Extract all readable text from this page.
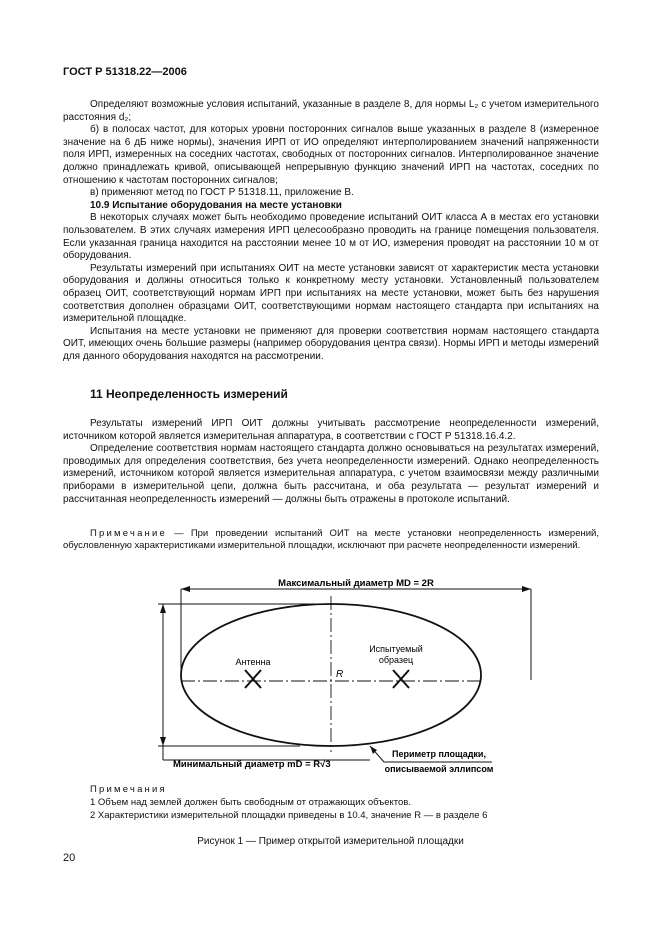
ГОСТ Р 51318.22—2006

Определяют возможные условия испытаний, указанные в разделе 8, для нормы L₂ с учетом измерительного расстояния d₂;

б) в полосах частот, для которых уровни посторонних сигналов выше указанных в разделе 8 (измеренное значение на 6 дБ ниже нормы), значения ИРП от ИО определяют интерполированием значений напряженности поля ИРП, измеренных на соседних частотах, свободных от посторонних сигналов. Интерполированное значение должно принадлежать кривой, описывающей непрерывную функцию значений ИРП на частотах, соседних по отношению к частотам посторонних сигналов;

в) применяют метод по ГОСТ Р 51318.11, приложение В.

10.9 Испытание оборудования на месте установки

В некоторых случаях может быть необходимо проведение испытаний ОИТ класса А в местах его установки пользователем. В этих случаях измерения ИРП целесообразно проводить на границе помещения пользователя. Если указанная граница находится на расстоянии менее 10 м от ИО, измерения проводят на расстоянии 10 м от оборудования.

Результаты измерений при испытаниях ОИТ на месте установки зависят от характеристик места установки оборудования и должны относиться только к конкретному месту установки. Установленный пользователем образец ОИТ, соответствующий нормам ИРП при испытаниях на месте установки, может быть без нарушения соответствия дополнен образцами ОИТ, соответствующими нормам настоящего стандарта при испытаниях на измерительной площадке.

Испытания на месте установки не применяют для проверки соответствия нормам настоящего стандарта ОИТ, имеющих очень большие размеры (например оборудования центра связи). Нормы ИРП и методы измерений для данного оборудования находятся на рассмотрении.

11 Неопределенность измерений

Результаты измерений ИРП ОИТ должны учитывать рассмотрение неопределенности измерений, источником которой является измерительная аппаратура, в соответствии с ГОСТ Р 51318.16.4.2.

Определение соответствия нормам настоящего стандарта должно основываться на результатах измерений, проводимых для определения соответствия, без учета неопределенности измерений. Однако неопределенность измерений, источником которой является измерительная аппаратура, с учетом взаимосвязи между различными приборами в измерительной цепи, должна быть рассчитана, и оба результата — результат измерений и рассчитанная неопределенность измерений — должны быть отражены в протоколе испытаний.

Примечание — При проведении испытаний ОИТ на месте установки неопределенность измерений, обусловленную характеристиками измерительной площадки, исключают при расчете неопределенности измерений.

Максимальный диаметр MD = 2R
Минимальный диаметр mD = R√3
Антенна
Испытуемый
образец
R
Периметр площадки,
описываемой эллипсом
Примечания
1 Объем над землей должен быть свободным от отражающих объектов.
2 Характеристики измерительной площадки приведены в 10.4, значение R — в разделе 6
Рисунок 1 — Пример открытой измерительной площадки
20
